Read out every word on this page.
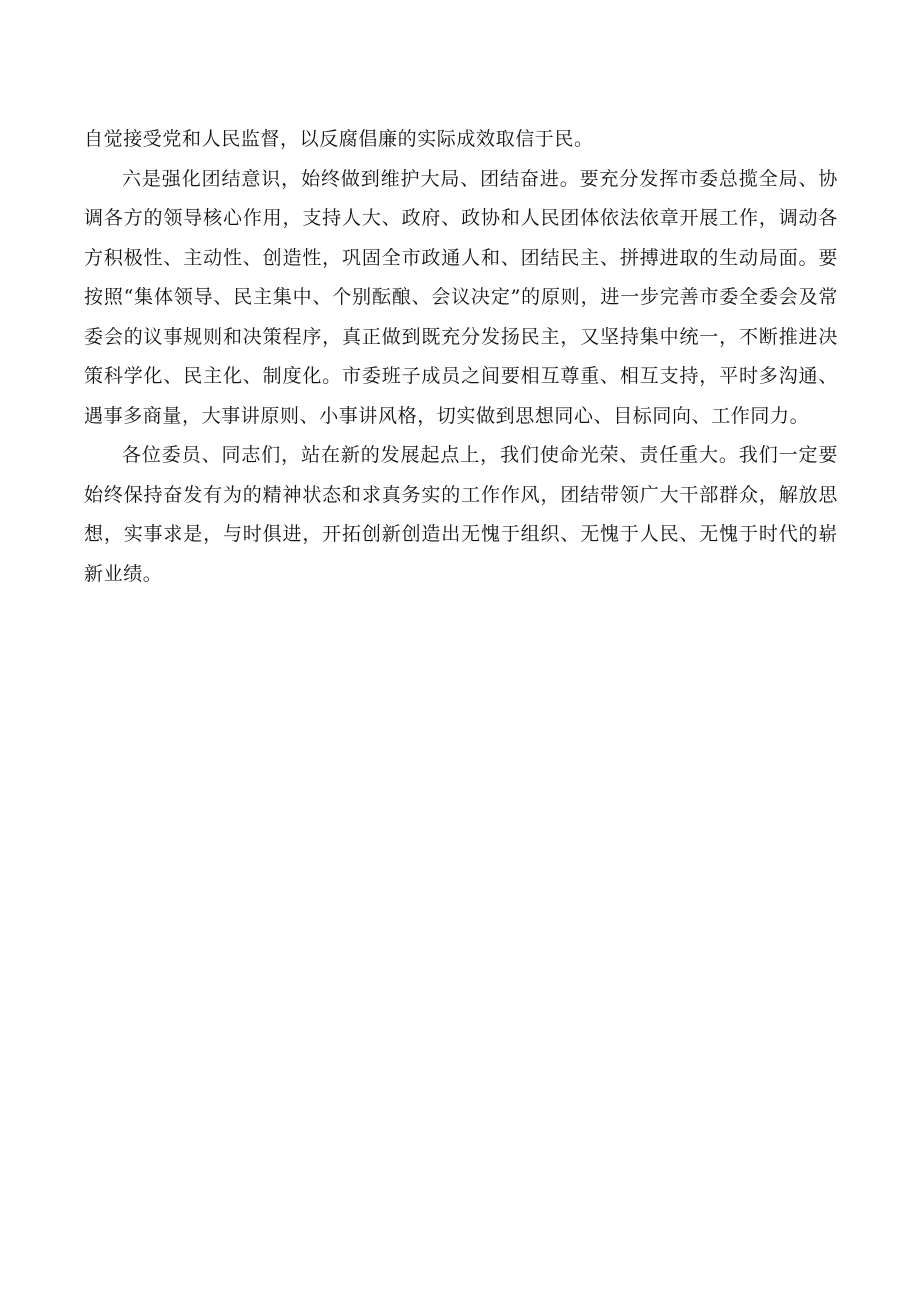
自觉接受党和人民监督，以反腐倡廉的实际成效取信于民。

六是强化团结意识，始终做到维护大局、团结奋进。要充分发挥市委总揽全局、协调各方的领导核心作用，支持人大、政府、政协和人民团体依法依章开展工作，调动各方积极性、主动性、创造性，巩固全市政通人和、团结民主、拼搏进取的生动局面。要按照“集体领导、民主集中、个别酝酿、会议决定”的原则，进一步完善市委全委会及常委会的议事规则和决策程序，真正做到既充分发扬民主，又坚持集中统一，不断推进决策科学化、民主化、制度化。市委班子成员之间要相互尊重、相互支持，平时多沟通、遇事多商量，大事讲原则、小事讲风格，切实做到思想同心、目标同向、工作同力。

各位委员、同志们，站在新的发展起点上，我们使命光荣、责任重大。我们一定要始终保持奋发有为的精神状态和求真务实的工作作风，团结带领广大干部群众，解放思想，实事求是，与时俱进，开拓创新创造出无愧于组织、无愧于人民、无愧于时代的崭新业绩。
